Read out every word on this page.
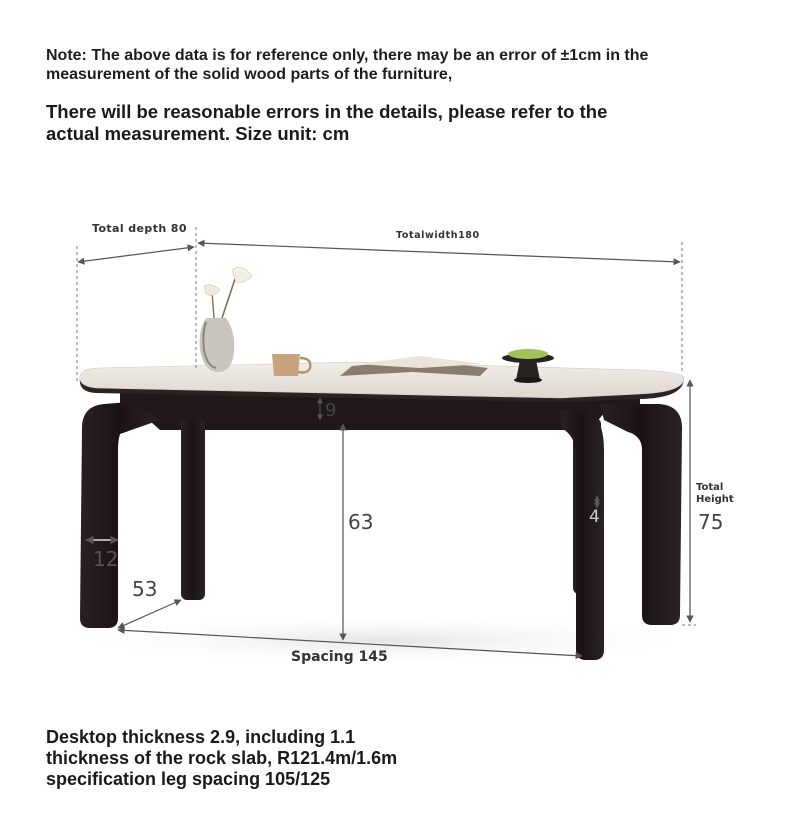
Note: The above data is for reference only, there may be an error of ±1cm in the
measurement of the solid wood parts of the furniture,
There will be reasonable errors in the details, please refer to the
actual measurement. Size unit: cm
Total depth 80
Totalwidth180
9
63	4
Total
Height
75
12
53
Spacing 145
Desktop thickness 2.9, including 1.1
thickness of the rock slab, R121.4m/1.6m
specification leg spacing 105/125
